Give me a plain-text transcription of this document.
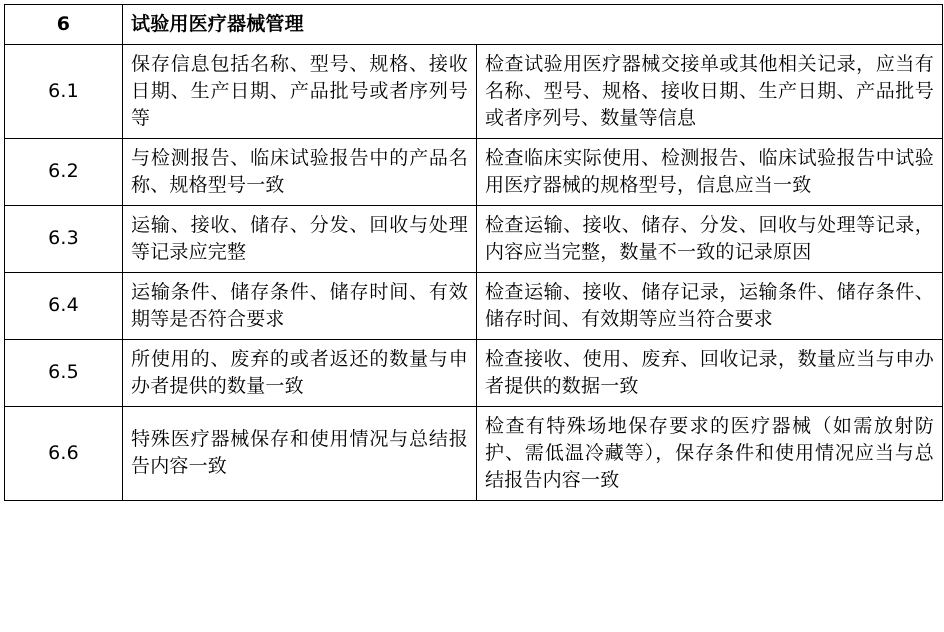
6	试验用医疗器械管理	
6.1	保存信息包括名称、型号、规格、接收日期、生产日期、产品批号或者序列号等	检查试验用医疗器械交接单或其他相关记录，应当有名称、型号、规格、接收日期、生产日期、产品批号或者序列号、数量等信息
6.2	与检测报告、临床试验报告中的产品名称、规格型号一致	检查临床实际使用、检测报告、临床试验报告中试验用医疗器械的规格型号，信息应当一致
6.3	运输、接收、储存、分发、回收与处理等记录应完整	检查运输、接收、储存、分发、回收与处理等记录，内容应当完整，数量不一致的记录原因
6.4	运输条件、储存条件、储存时间、有效期等是否符合要求	检查运输、接收、储存记录，运输条件、储存条件、储存时间、有效期等应当符合要求
6.5	所使用的、废弃的或者返还的数量与申办者提供的数量一致	检查接收、使用、废弃、回收记录，数量应当与申办者提供的数据一致
6.6	特殊医疗器械保存和使用情况与总结报告内容一致	检查有特殊场地保存要求的医疗器械（如需放射防护、需低温冷藏等），保存条件和使用情况应当与总结报告内容一致
